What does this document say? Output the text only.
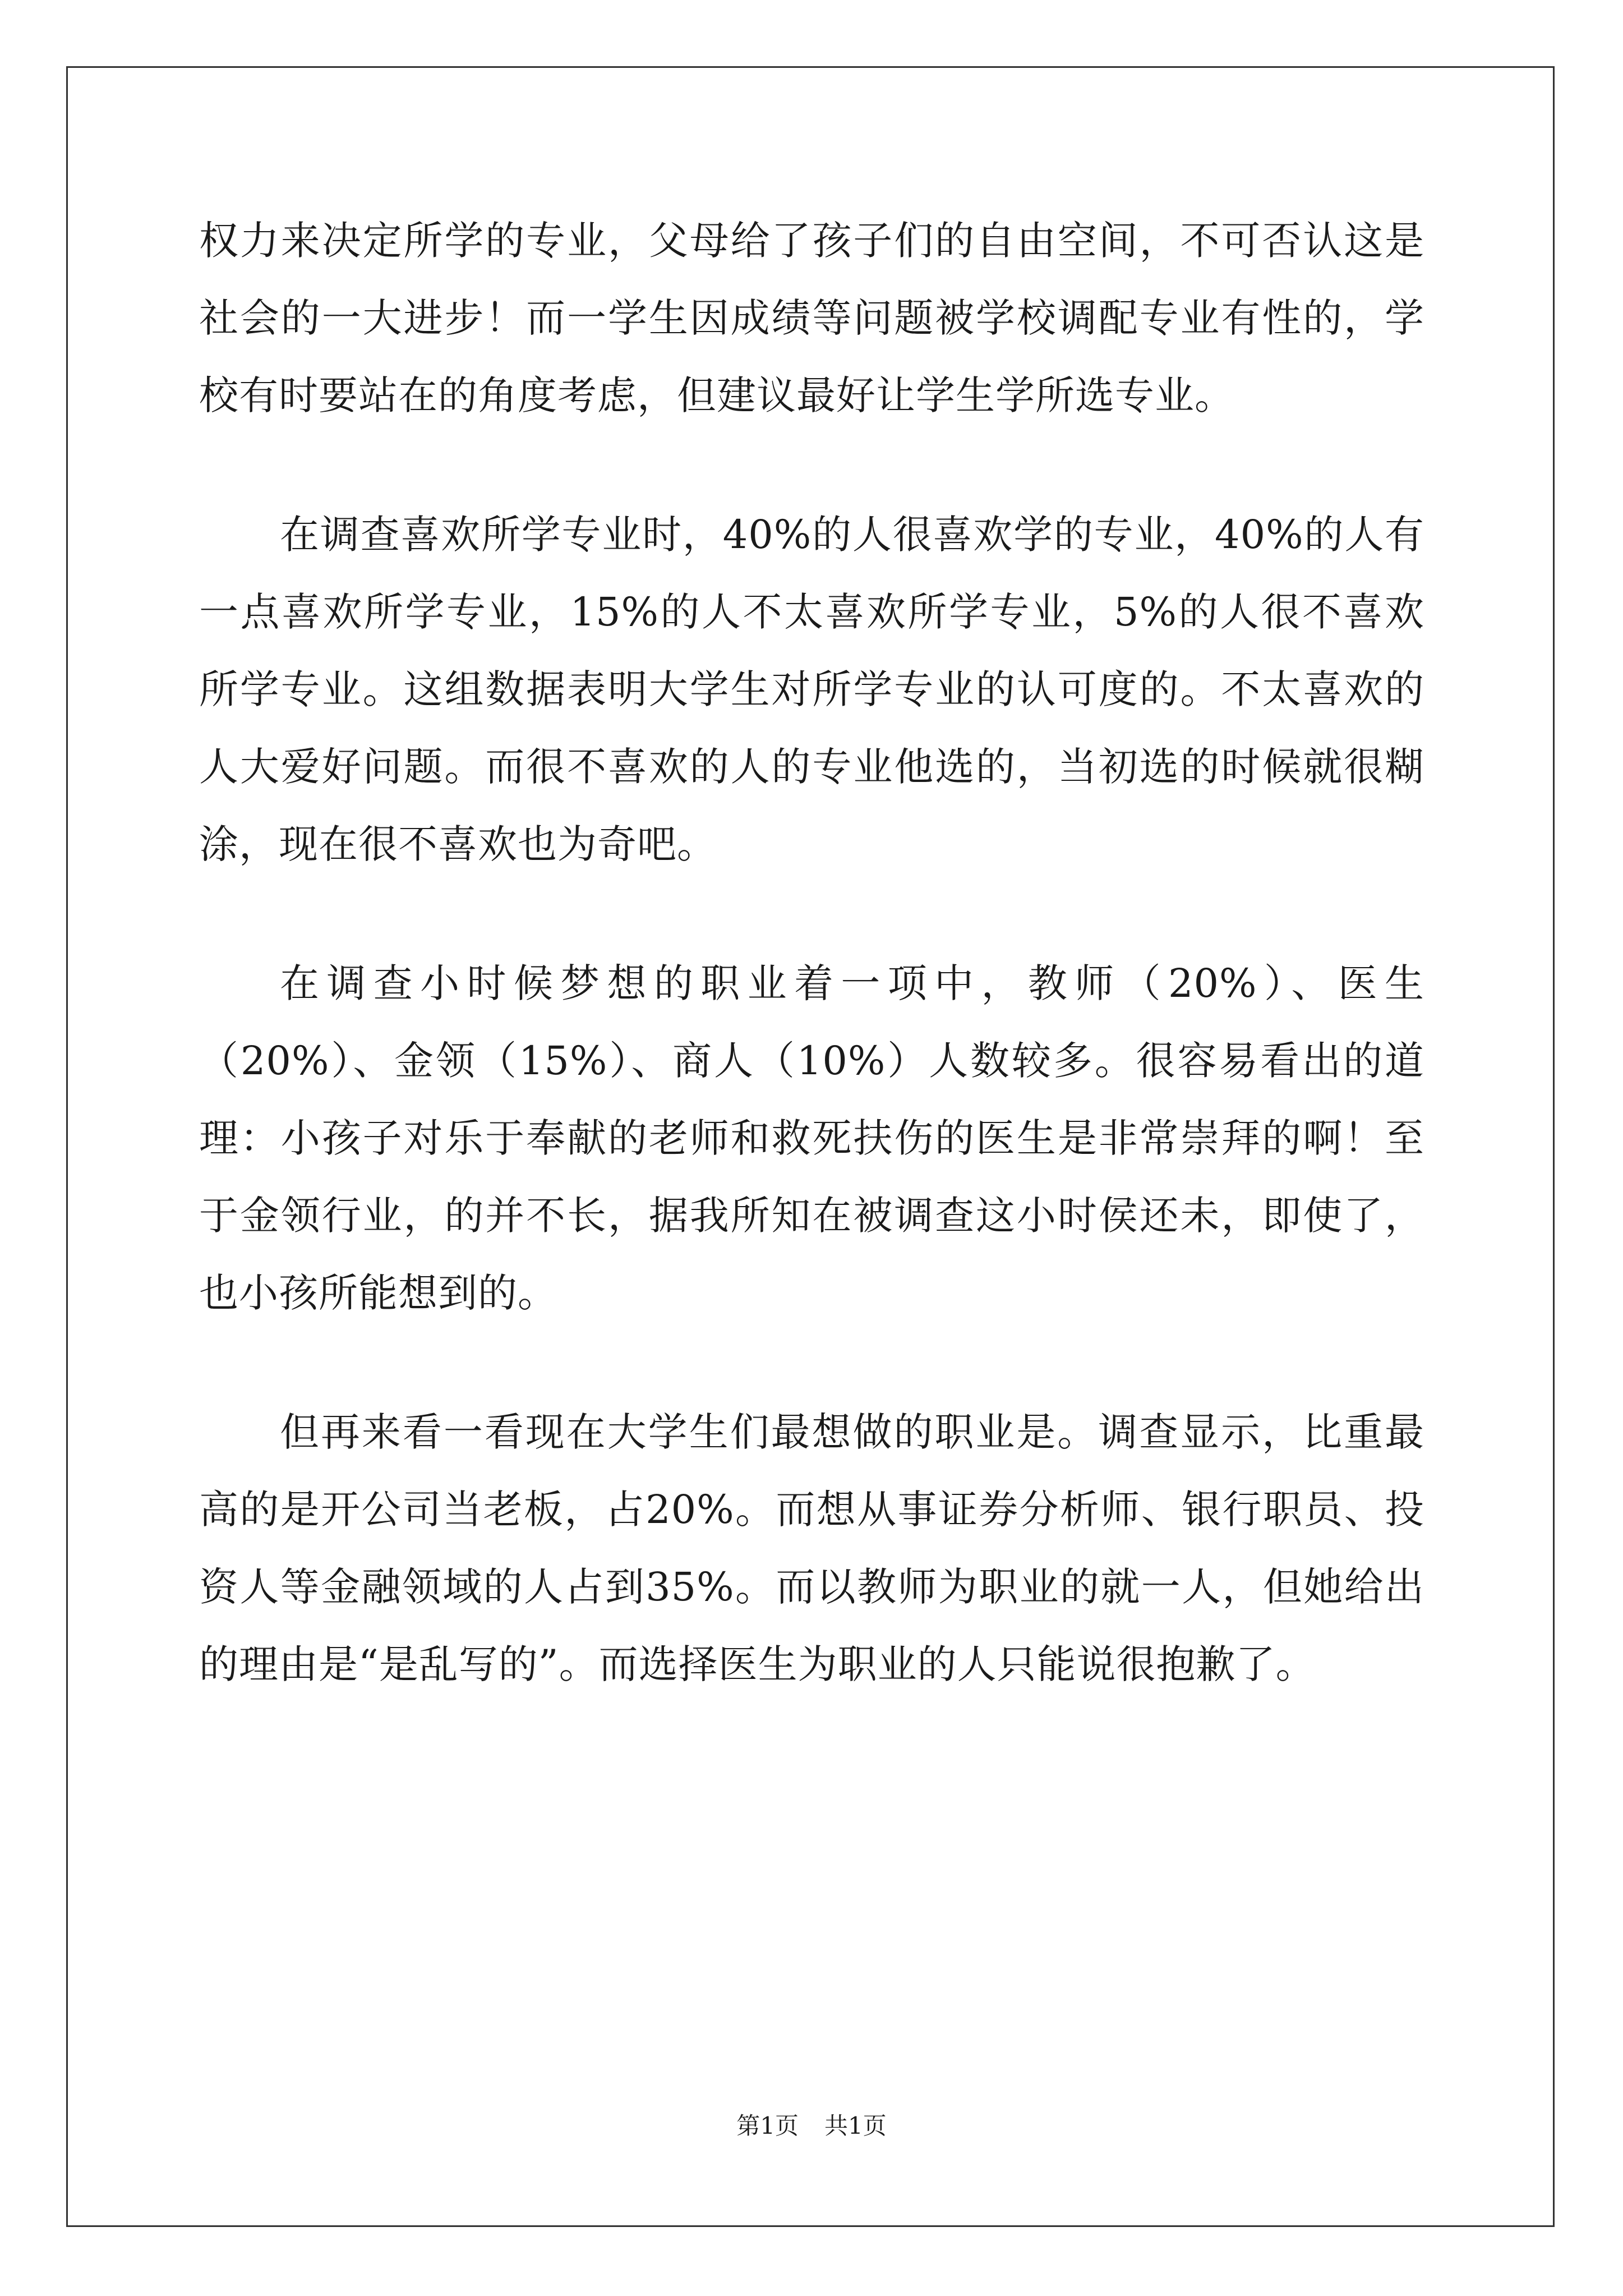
权力来决定所学的专业，父母给了孩子们的自由空间，不可否认这是社会的一大进步！而一学生因成绩等问题被学校调配专业有性的，学校有时要站在的角度考虑，但建议最好让学生学所选专业。

在调查喜欢所学专业时，40%的人很喜欢学的专业，40%的人有一点喜欢所学专业，15%的人不太喜欢所学专业，5%的人很不喜欢所学专业。这组数据表明大学生对所学专业的认可度的。不太喜欢的人大爱好问题。而很不喜欢的人的专业他选的，当初选的时候就很糊涂，现在很不喜欢也为奇吧。

在调查小时候梦想的职业着一项中，教师（20%）、医生（20%）、金领（15%）、商人（10%）人数较多。很容易看出的道理：小孩子对乐于奉献的老师和救死扶伤的医生是非常崇拜的啊！至于金领行业，的并不长，据我所知在被调查这小时侯还未，即使了，也小孩所能想到的。

但再来看一看现在大学生们最想做的职业是。调查显示，比重最高的是开公司当老板，占20%。而想从事证券分析师、银行职员、投资人等金融领域的人占到35%。而以教师为职业的就一人，但她给出的理由是“是乱写的”。而选择医生为职业的人只能说很抱歉了。

第1页 共1页
